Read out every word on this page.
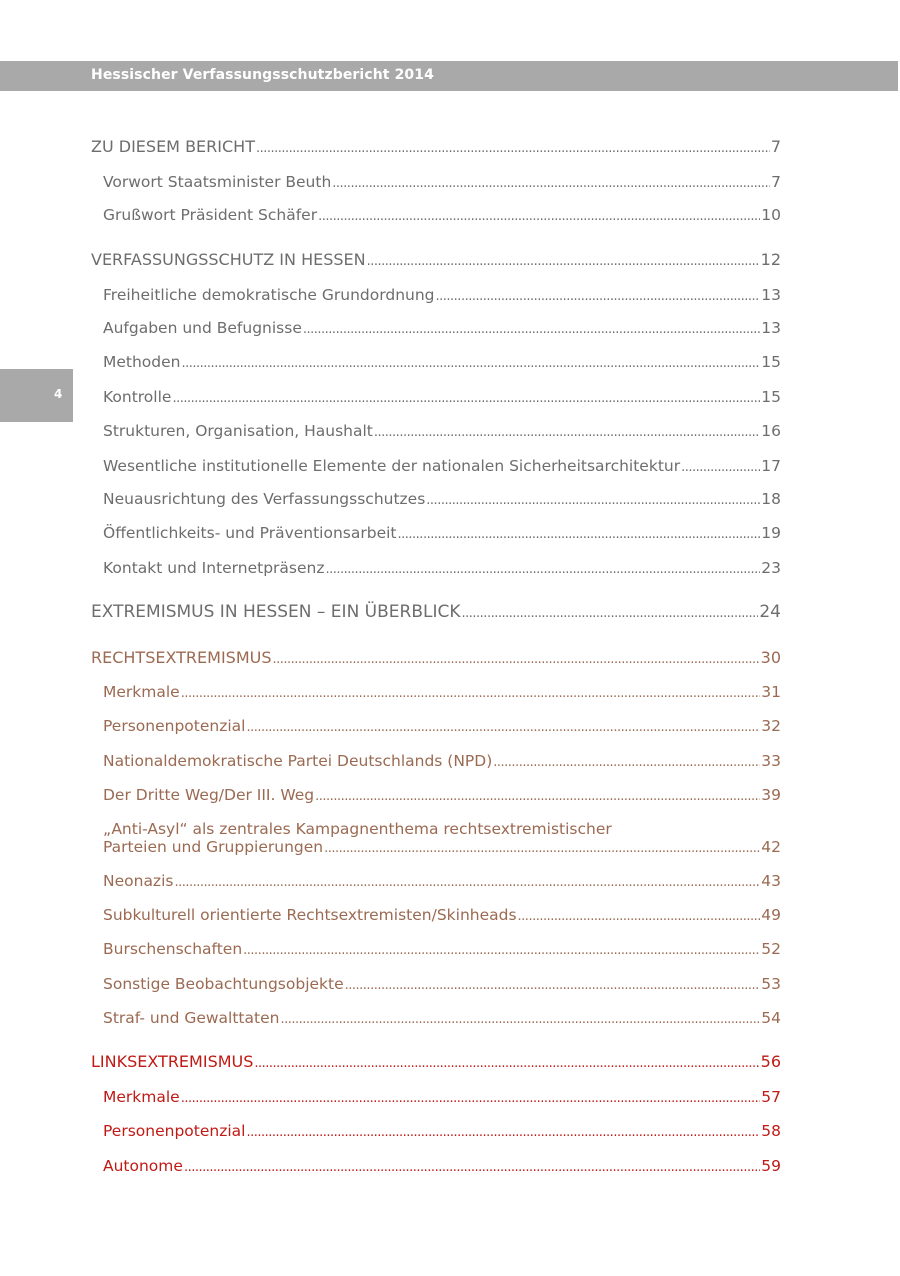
Hessischer Verfassungsschutzbericht 2014
4
ZU DIESEM BERICHT .....	7
Vorwort Staatsminister Beuth .....	7
Grußwort Präsident Schäfer .....	10
VERFASSUNGSSCHUTZ IN HESSEN .....	12
Freiheitliche demokratische Grundordnung .....	13
Aufgaben und Befugnisse .....	13
Methoden .....	15
Kontrolle .....	15
Strukturen, Organisation, Haushalt .....	16
Wesentliche institutionelle Elemente der nationalen Sicherheitsarchitektur .....	17
Neuausrichtung des Verfassungsschutzes .....	18
Öffentlichkeits- und Präventionsarbeit .....	19
Kontakt und Internetpräsenz .....	23
EXTREMISMUS IN HESSEN – EIN ÜBERBLICK .....	24
RECHTSEXTREMISMUS .....	30
Merkmale .....	31
Personenpotenzial .....	32
Nationaldemokratische Partei Deutschlands (NPD) .....	33
Der Dritte Weg/Der III. Weg .....	39
„Anti-Asyl“ als zentrales Kampagnenthema rechtsextremistischer
Parteien und Gruppierungen .....	42
Neonazis .....	43
Subkulturell orientierte Rechtsextremisten/Skinheads .....	49
Burschenschaften .....	52
Sonstige Beobachtungsobjekte .....	53
Straf- und Gewalttaten .....	54
LINKSEXTREMISMUS .....	56
Merkmale .....	57
Personenpotenzial .....	58
Autonome .....	59
